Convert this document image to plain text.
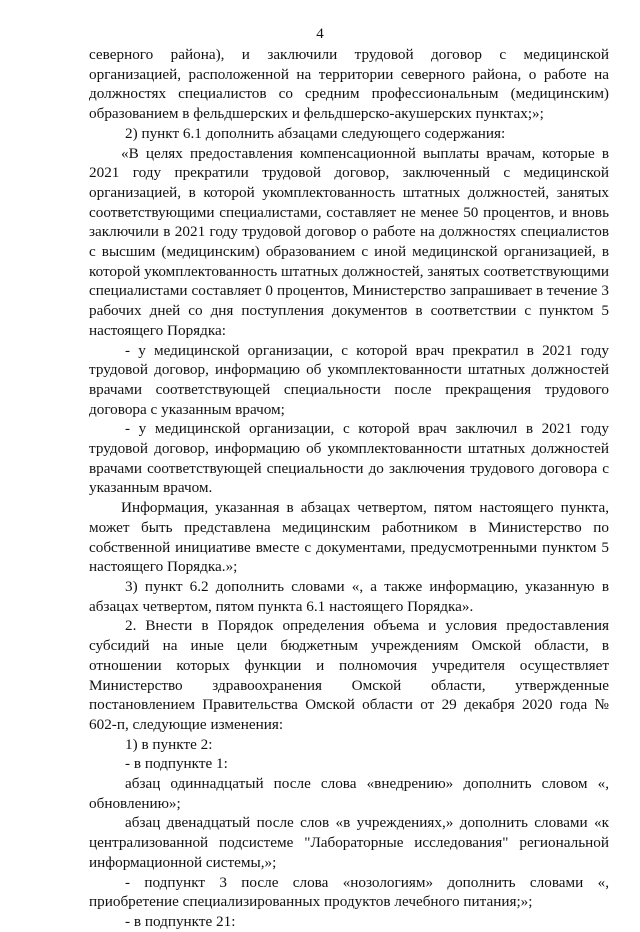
4

северного района), и заключили трудовой договор с медицинской организацией, расположенной на территории северного района, о работе на должностях специалистов со средним профессиональным (медицинским) образованием в фельдшерских и фельдшерско-акушерских пунктах;»;

2) пункт 6.1 дополнить абзацами следующего содержания:

«В целях предоставления компенсационной выплаты врачам, которые в 2021 году прекратили трудовой договор, заключенный с медицинской организацией, в которой укомплектованность штатных должностей, занятых соответствующими специалистами, составляет не менее 50 процентов, и вновь заключили в 2021 году трудовой договор о работе на должностях специалистов с высшим (медицинским) образованием с иной медицинской организацией, в которой укомплектованность штатных должностей, занятых соответствующими специалистами составляет 0 процентов, Министерство запрашивает в течение 3 рабочих дней со дня поступления документов в соответствии с пунктом 5 настоящего Порядка:

- у медицинской организации, с которой врач прекратил в 2021 году трудовой договор, информацию об укомплектованности штатных должностей врачами соответствующей специальности после прекращения трудового договора с указанным врачом;

- у медицинской организации, с которой врач заключил в 2021 году трудовой договор, информацию об укомплектованности штатных должностей врачами соответствующей специальности до заключения трудового договора с указанным врачом.

Информация, указанная в абзацах четвертом, пятом настоящего пункта, может быть представлена медицинским работником в Министерство по собственной инициативе вместе с документами, предусмотренными пунктом 5 настоящего Порядка.»;

3) пункт 6.2 дополнить словами «, а также информацию, указанную в абзацах четвертом, пятом пункта 6.1 настоящего Порядка».

2. Внести в Порядок определения объема и условия предоставления субсидий на иные цели бюджетным учреждениям Омской области, в отношении которых функции и полномочия учредителя осуществляет Министерство здравоохранения Омской области, утвержденные постановлением Правительства Омской области от 29 декабря 2020 года № 602-п, следующие изменения:

1) в пункте 2:

- в подпункте 1:

абзац одиннадцатый после слова «внедрению» дополнить словом «, обновлению»;

абзац двенадцатый после слов «в учреждениях,» дополнить словами «к централизованной подсистеме "Лабораторные исследования" региональной информационной системы,»;

- подпункт 3 после слова «нозологиям» дополнить словами «, приобретение специализированных продуктов лечебного питания;»;

- в подпункте 21:
